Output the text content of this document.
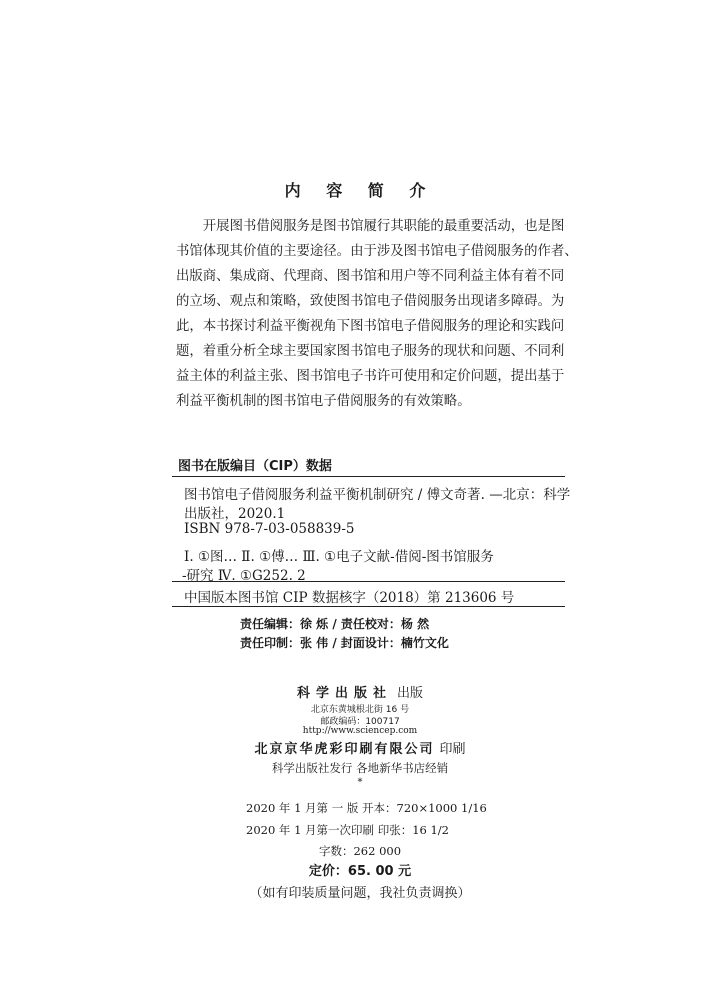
内 容 简 介
开展图书借阅服务是图书馆履行其职能的最重要活动，也是图
书馆体现其价值的主要途径。由于涉及图书馆电子借阅服务的作者、
出版商、集成商、代理商、图书馆和用户等不同利益主体有着不同
的立场、观点和策略，致使图书馆电子借阅服务出现诸多障碍。为
此，本书探讨利益平衡视角下图书馆电子借阅服务的理论和实践问
题，着重分析全球主要国家图书馆电子服务的现状和问题、不同利
益主体的利益主张、图书馆电子书许可使用和定价问题，提出基于
利益平衡机制的图书馆电子借阅服务的有效策略。
图书在版编目（CIP）数据
图书馆电子借阅服务利益平衡机制研究 / 傅文奇著. —北京：科学
出版社，2020.1
ISBN 978-7-03-058839-5
Ⅰ. ①图… Ⅱ. ①傅… Ⅲ. ①电子文献-借阅-图书馆服务
-研究 Ⅳ. ①G252. 2
中国版本图书馆 CIP 数据核字（2018）第 213606 号
责任编辑：徐 烁 / 责任校对：杨 然
责任印制：张 伟 / 封面设计：楠竹文化
科学出版社 出版
北京东黄城根北街 16 号
邮政编码：100717
http://www.sciencep.com
北京京华虎彩印刷有限公司 印刷
科学出版社发行 各地新华书店经销
*
2020 年 1 月第 一 版 开本：720×1000 1/16
2020 年 1 月第一次印刷 印张：16 1/2
字数：262 000
定价：65. 00 元
（如有印装质量问题，我社负责调换）
